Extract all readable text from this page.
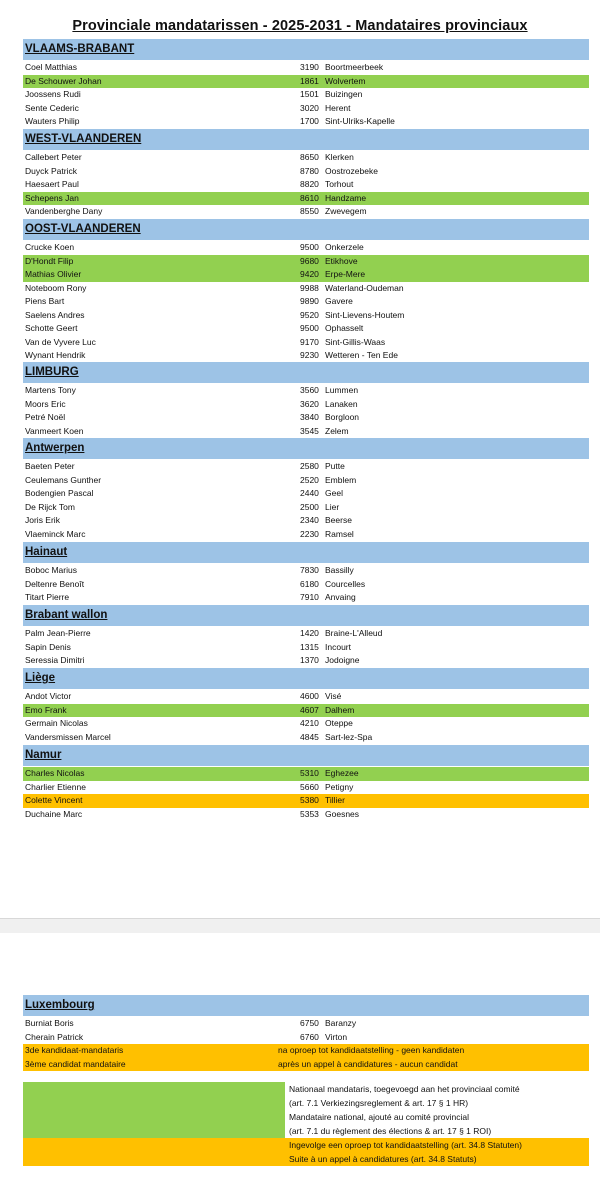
Provinciale mandatarissen - 2025-2031 - Mandataires provinciaux
VLAAMS-BRABANT
Coel Matthias	3190 Boortmeerbeek
De Schouwer Johan	1861 Wolvertem
Joossens Rudi	1501 Buizingen
Sente Cederic	3020 Herent
Wauters Philip	1700 Sint-Ulriks-Kapelle
WEST-VLAANDEREN
Callebert Peter	8650 Klerken
Duyck Patrick	8780 Oostrozebeke
Haesaert Paul	8820 Torhout
Schepens Jan	8610 Handzame
Vandenberghe Dany	8550 Zwevegem
OOST-VLAANDEREN
Crucke Koen	9500 Onkerzele
D'Hondt Filip	9680 Etikhove
Mathias Olivier	9420 Erpe-Mere
Noteboom Rony	9988 Waterland-Oudeman
Piens Bart	9890 Gavere
Saelens Andres	9520 Sint-Lievens-Houtem
Schotte Geert	9500 Ophasselt
Van de Vyvere Luc	9170 Sint-Gillis-Waas
Wynant Hendrik	9230 Wetteren - Ten Ede
LIMBURG
Martens Tony	3560 Lummen
Moors Eric	3620 Lanaken
Petré Noël	3840 Borgloon
Vanmeert Koen	3545 Zelem
Antwerpen
Baeten Peter	2580 Putte
Ceulemans Gunther	2520 Emblem
Bodengien Pascal	2440 Geel
De Rijck Tom	2500 Lier
Joris Erik	2340 Beerse
Vlaeminck Marc	2230 Ramsel
Hainaut
Boboc Marius	7830 Bassilly
Deltenre Benoît	6180 Courcelles
Titart Pierre	7910 Anvaing
Brabant wallon
Palm Jean-Pierre	1420 Braine-L'Alleud
Sapin Denis	1315 Incourt
Seressia Dimitri	1370 Jodoigne
Liège
Andot Victor	4600 Visé
Emo Frank	4607 Dalhem
Germain Nicolas	4210 Oteppe
Vandersmissen Marcel	4845 Sart-lez-Spa
Namur
Charles Nicolas	5310 Eghezee
Charlier Etienne	5660 Petigny
Colette Vincent	5380 Tillier
Duchaine Marc	5353 Goesnes
Luxembourg
Burniat Boris	6750 Baranzy
Cherain Patrick	6760 Virton
3de kandidaat-mandataris	na oproep tot kandidaatstelling - geen kandidaten
3ème candidat mandataire	après un appel à candidatures - aucun candidat
Nationaal mandataris, toegevoegd aan het provinciaal comité
(art. 7.1 Verkiezingsreglement & art. 17 § 1 HR)
Mandataire national, ajouté au comité provincial
(art. 7.1 du règlement des élections & art. 17 § 1 ROI)
Ingevolge een oproep tot kandidaatstelling (art. 34.8 Statuten)
Suite à un appel à candidatures (art. 34.8 Statuts)
